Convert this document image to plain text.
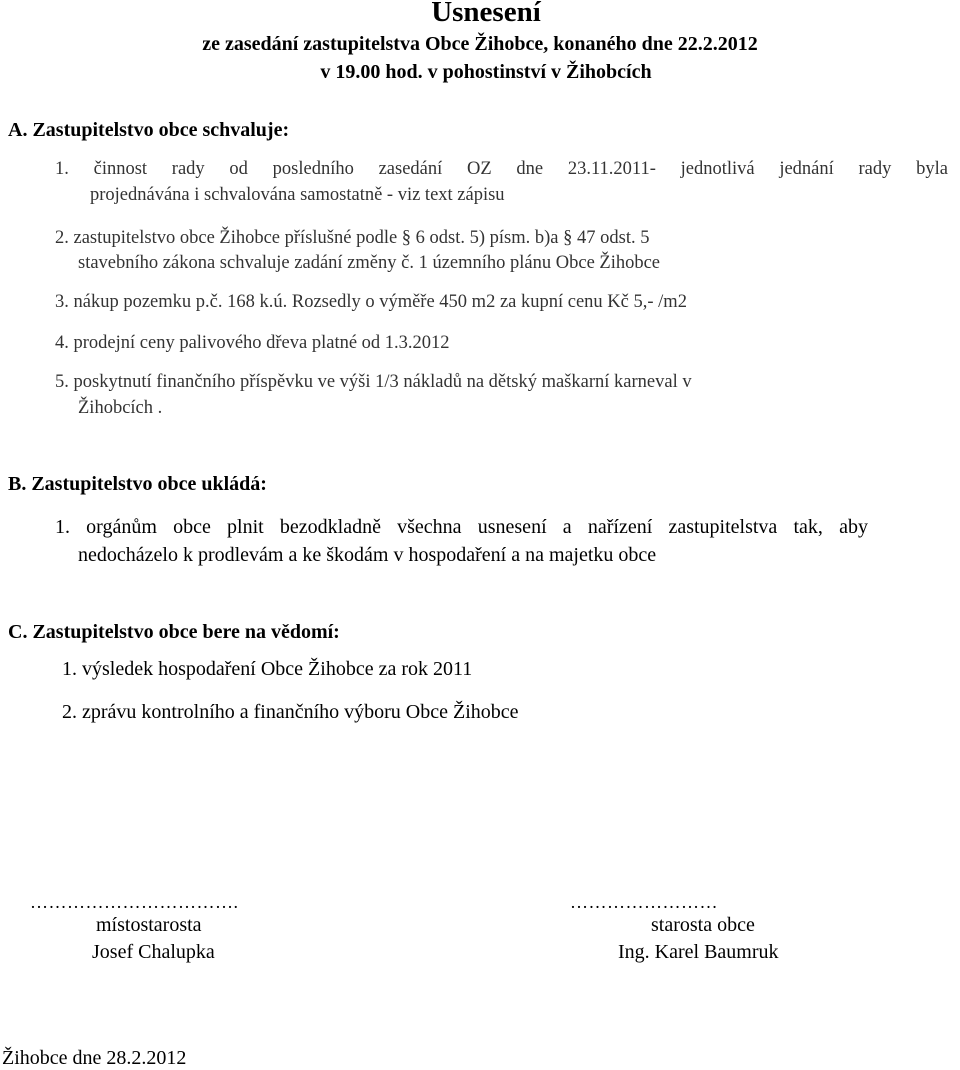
Usnesení
ze zasedání zastupitelstva Obce Žihobce, konaného dne 22.2.2012
v 19.00 hod. v pohostinství v Žihobcích
A. Zastupitelstvo obce schvaluje:
1. činnost rady od posledního zasedání OZ dne 23.11.2011- jednotlivá jednání rady byla
projednávána i schvalována samostatně - viz text zápisu
2. zastupitelstvo obce Žihobce příslušné podle § 6 odst. 5) písm. b)a § 47 odst. 5
stavebního zákona schvaluje zadání změny č. 1 územního plánu Obce Žihobce
3. nákup pozemku p.č. 168 k.ú. Rozsedly o výměře 450 m2 za kupní cenu Kč 5,- /m2
4. prodejní ceny palivového dřeva platné od 1.3.2012
5. poskytnutí finančního příspěvku ve výši 1/3 nákladů na dětský maškarní karneval v
Žihobcích .
B. Zastupitelstvo obce ukládá:
1. orgánům obce plnit bezodkladně všechna usnesení a nařízení zastupitelstva tak, aby
nedocházelo k prodlevám a ke škodám v hospodaření a na majetku obce
C. Zastupitelstvo obce bere na vědomí:
1. výsledek hospodaření Obce Žihobce za rok 2011
2. zprávu kontrolního a finančního výboru Obce Žihobce
…………………………….
místostarosta
Josef Chalupka
……………………
starosta obce
Ing. Karel Baumruk
Žihobce dne 28.2.2012
